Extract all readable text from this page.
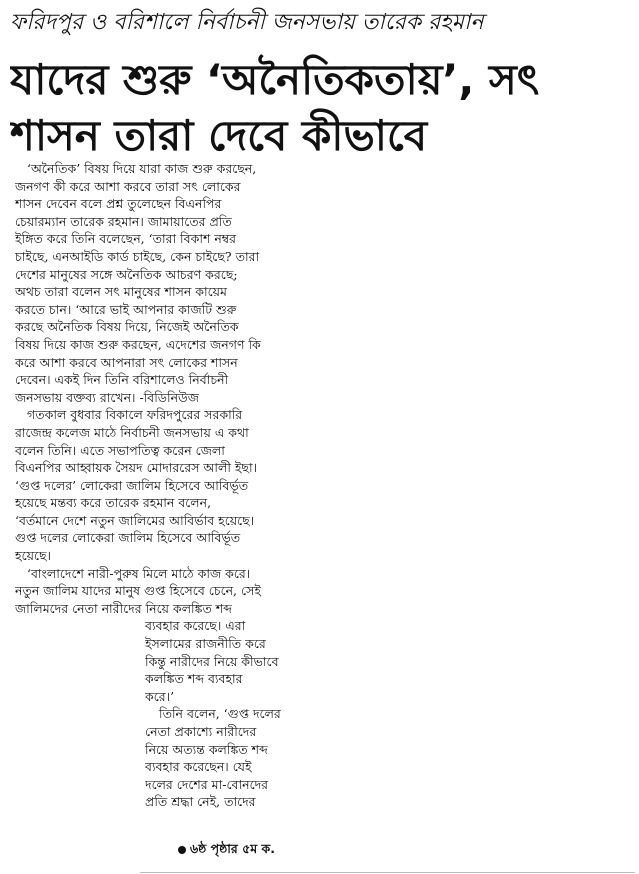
ফরিদপুর ও বরিশালে নির্বাচনী জনসভায় তারেক রহমান
যাদের শুরু ‘অনৈতিকতায়’, সৎ
শাসন তারা দেবে কীভাবে
‘অনৈতিক’ বিষয় দিয়ে যারা কাজ শুরু করছেন,
জনগণ কী করে আশা করবে তারা সৎ লোকের
শাসন দেবেন বলে প্রশ্ন তুলেছেন বিএনপির
চেয়ারম্যান তারেক রহমান। জামায়াতের প্রতি
ইঙ্গিত করে তিনি বলেছেন, ‘তারা বিকাশ নম্বর
চাইছে, এনআইডি কার্ড চাইছে, কেন চাইছে? তারা
দেশের মানুষের সঙ্গে অনৈতিক আচরণ করছে;
অথচ তারা বলেন সৎ মানুষের শাসন কায়েম
করতে চান। ‘আরে ভাই আপনার কাজটি শুরু
করছে অনৈতিক বিষয় দিয়ে, নিজেই অনৈতিক
বিষয় দিয়ে কাজ শুরু করছেন, এদেশের জনগণ কি
করে আশা করবে আপনারা সৎ লোকের শাসন
দেবেন। একই দিন তিনি বরিশালেও নির্বাচনী
জনসভায় বক্তব্য রাখেন। -বিডিনিউজ
গতকাল বুধবার বিকালে ফরিদপুরের সরকারি
রাজেন্দ্র কলেজ মাঠে নির্বাচনী জনসভায় এ কথা
বলেন তিনি। এতে সভাপতিত্ব করেন জেলা
বিএনপির আহ্বায়ক সৈয়দ মোদাররেস আলী ইছা।
‘গুপ্ত দলের’ লোকেরা জালিম হিসেবে আবির্ভূত
হয়েছে মন্তব্য করে তারেক রহমান বলেন,
‘বর্তমানে দেশে নতুন জালিমের আবির্ভাব হয়েছে।
গুপ্ত দলের লোকেরা জালিম হিসেবে আবির্ভূত
হয়েছে।
‘বাংলাদেশে নারী-পুরুষ মিলে মাঠে কাজ করে।
নতুন জালিম যাদের মানুষ গুপ্ত হিসেবে চেনে, সেই
জালিমদের নেতা নারীদের নিয়ে কলঙ্কিত শব্দ
ব্যবহার করেছে। এরা
ইসলামের রাজনীতি করে
কিন্তু নারীদের নিয়ে কীভাবে
কলঙ্কিত শব্দ ব্যবহার
করে।’
তিনি বলেন, ‘গুপ্ত দলের
নেতা প্রকাশ্যে নারীদের
নিয়ে অত্যন্ত কলঙ্কিত শব্দ
ব্যবহার করেছেন। যেই
দলের দেশের মা-বোনদের
প্রতি শ্রদ্ধা নেই, তাদের
৬ষ্ঠ পৃষ্ঠার ৫ম ক.
